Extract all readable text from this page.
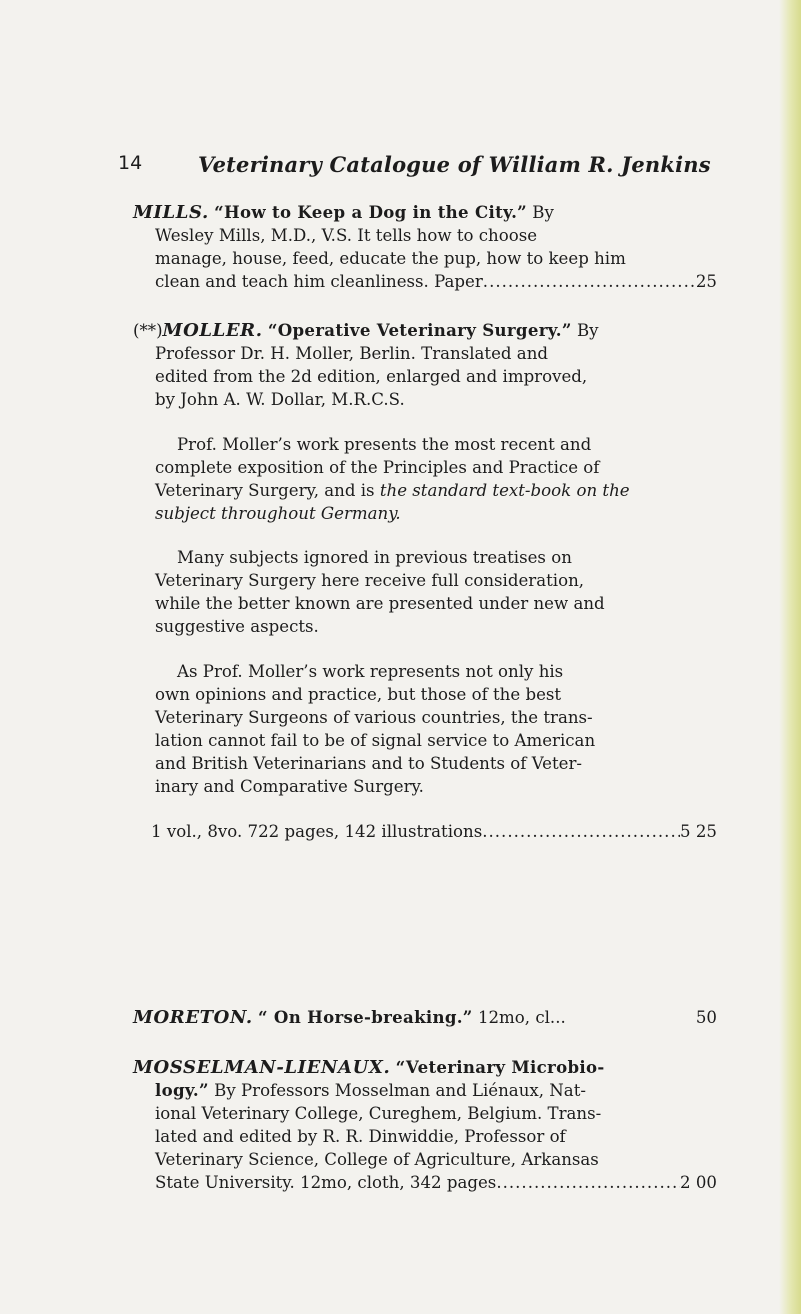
14	Veterinary Catalogue of William R. Jenkins

MILLS. “How to Keep a Dog in the City.” By
Wesley Mills, M.D., V.S. It tells how to choose
manage, house, feed, educate the pup, how to keep him

clean and teach him cleanliness. Paper .....	25

(**)MOLLER. “Operative Veterinary Surgery.” By
Professor Dr. H. Moller, Berlin. Translated and
edited from the 2d edition, enlarged and improved,
by John A. W. Dollar, M.R.C.S.

Prof. Moller’s work presents the most recent and
complete exposition of the Principles and Practice of
Veterinary Surgery, and is the standard text-book on the
subject throughout Germany.

Many subjects ignored in previous treatises on
Veterinary Surgery here receive full consideration,
while the better known are presented under new and
suggestive aspects.

As Prof. Moller’s work represents not only his
own opinions and practice, but those of the best
Veterinary Surgeons of various countries, the trans-
lation cannot fail to be of signal service to American
and British Veterinarians and to Students of Veter-
inary and Comparative Surgery.

1 vol., 8vo. 722 pages, 142 illustrations .....	5 25

MORETON. “ On Horse-breaking.” 12mo, cl...	50

MOSSELMAN-LIENAUX. “Veterinary Microbio-
logy.” By Professors Mosselman and Liénaux, Nat-
ional Veterinary College, Cureghem, Belgium. Trans-
lated and edited by R. R. Dinwiddie, Professor of
Veterinary Science, College of Agriculture, Arkansas

State University. 12mo, cloth, 342 pages .....	2 00
